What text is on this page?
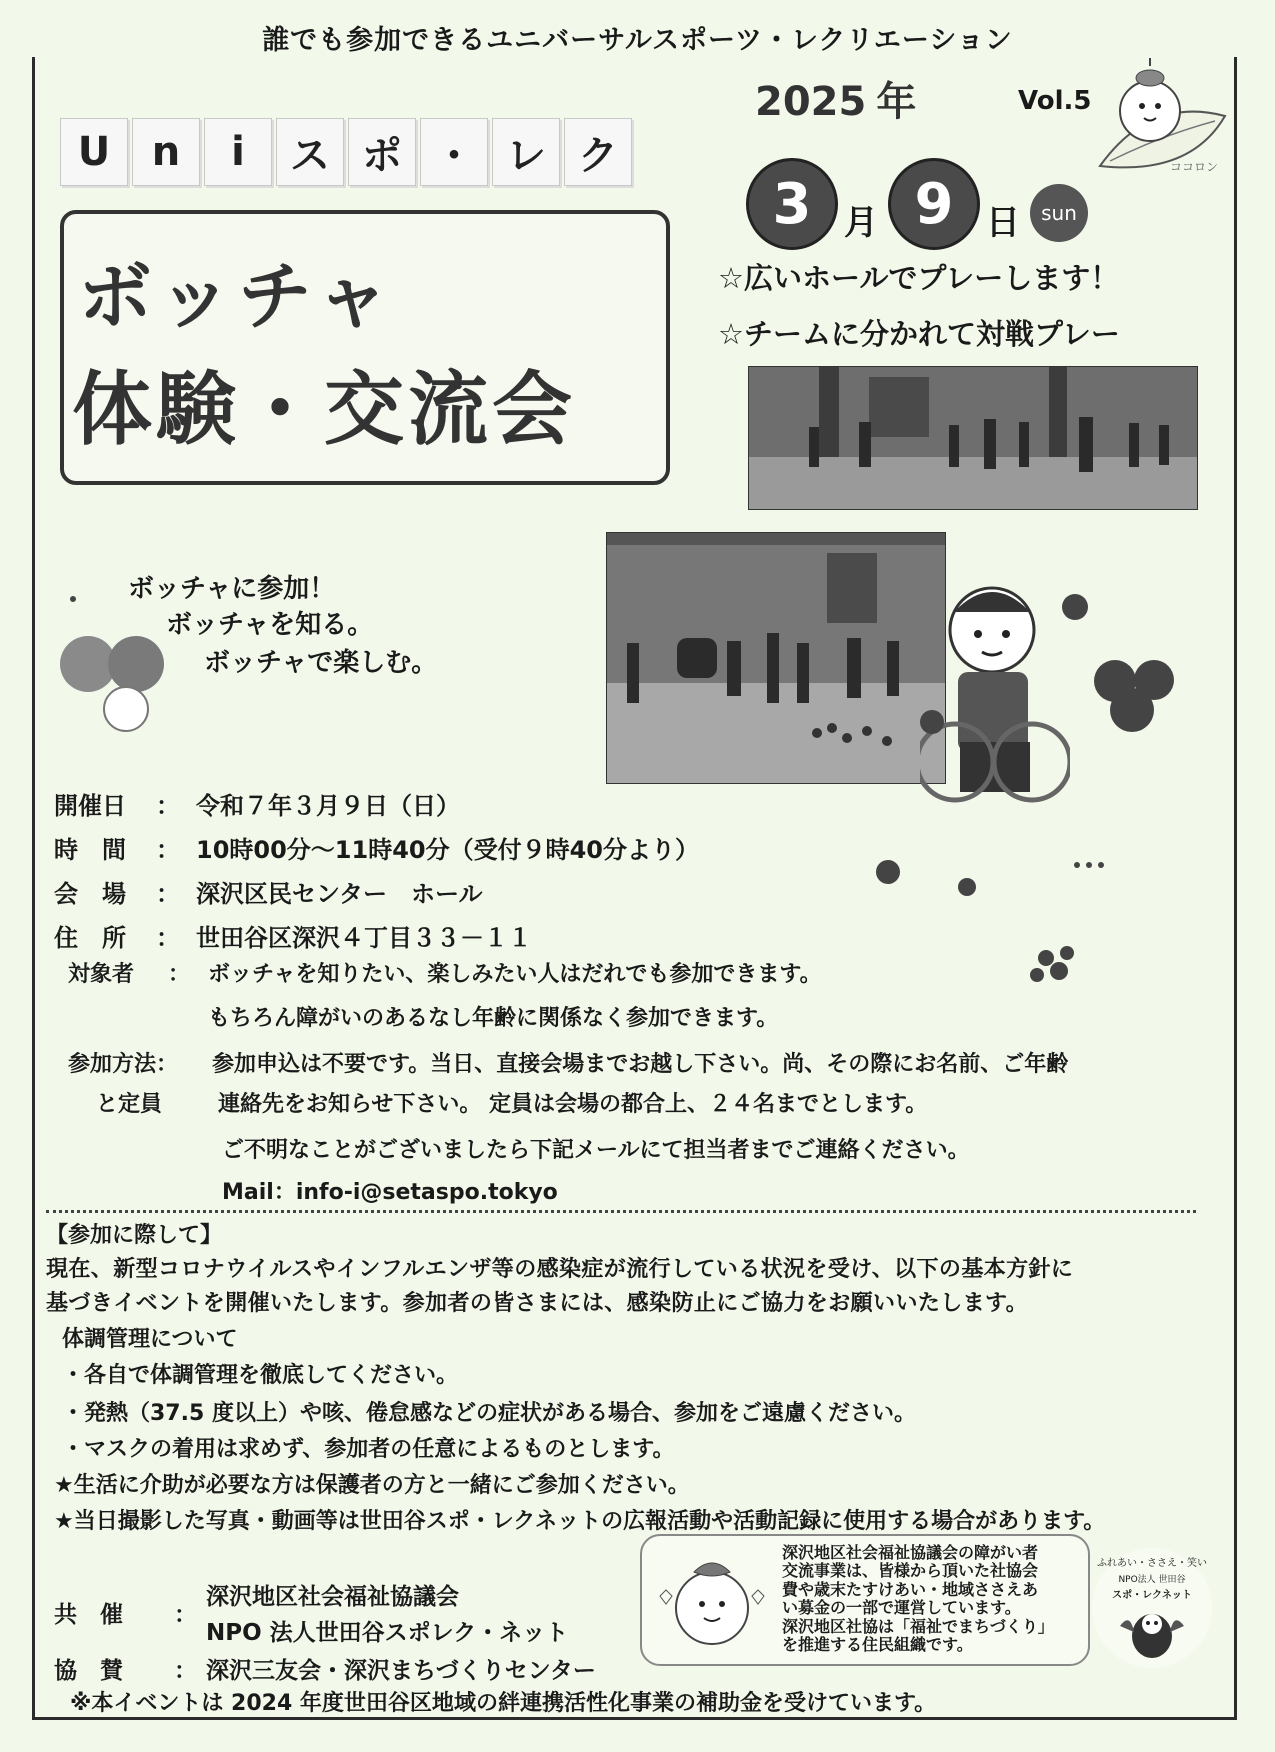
誰でも参加できるユニバーサルスポーツ・レクリエーション
U	n	i	ス ポ ・ レ ク
2025 年	Vol.5
ココロン
3 月 9 日	sun
ボッチャ
体験・交流会
☆広いホールでプレーします！
☆チームに分かれて対戦プレー
ボッチャに参加！
ボッチャを知る。
ボッチャで楽しむ。
開催日 ： 令和７年３月９日（日）
時　間 ： 10時00分～11時40分（受付９時40分より）
会　場 ： 深沢区民センター　ホール
住　所 ： 世田谷区深沢４丁目３３－１１
対象者 ： ボッチャを知りたい、楽しみたい人はだれでも参加できます。
もちろん障がいのあるなし年齢に関係なく参加できます。
参加方法：
と定員
参加申込は不要です。当日、直接会場までお越し下さい。尚、その際にお名前、ご年齢
連絡先をお知らせ下さい。 定員は会場の都合上、２４名までとします。
ご不明なことがございましたら下記メールにて担当者までご連絡ください。
Mail：info-i@setaspo.tokyo
【参加に際して】
現在、新型コロナウイルスやインフルエンザ等の感染症が流行している状況を受け、以下の基本方針に
基づきイベントを開催いたします。参加者の皆さまには、感染防止にご協力をお願いいたします。
体調管理について
・各自で体調管理を徹底してください。
・発熱（37.5 度以上）や咳、倦怠感などの症状がある場合、参加をご遠慮ください。
・マスクの着用は求めず、参加者の任意によるものとします。
★生活に介助が必要な方は保護者の方と一緒にご参加ください。
★当日撮影した写真・動画等は世田谷スポ・レクネットの広報活動や活動記録に使用する場合があります。
共　催 ：
深沢地区社会福祉協議会
NPO 法人世田谷スポレク・ネット
協　賛 ： 深沢三友会・深沢まちづくりセンター
深沢地区社会福祉協議会の障がい者
交流事業は、皆様から頂いた社協会
費や歳末たすけあい・地域ささえあ
い募金の一部で運営しています。
深沢地区社協は「福祉でまちづくり」
を推進する住民組織です。
ふれあい・ささえ・笑い
NPO法人 世田谷
スポ・レクネット
※本イベントは 2024 年度世田谷区地域の絆連携活性化事業の補助金を受けています。
